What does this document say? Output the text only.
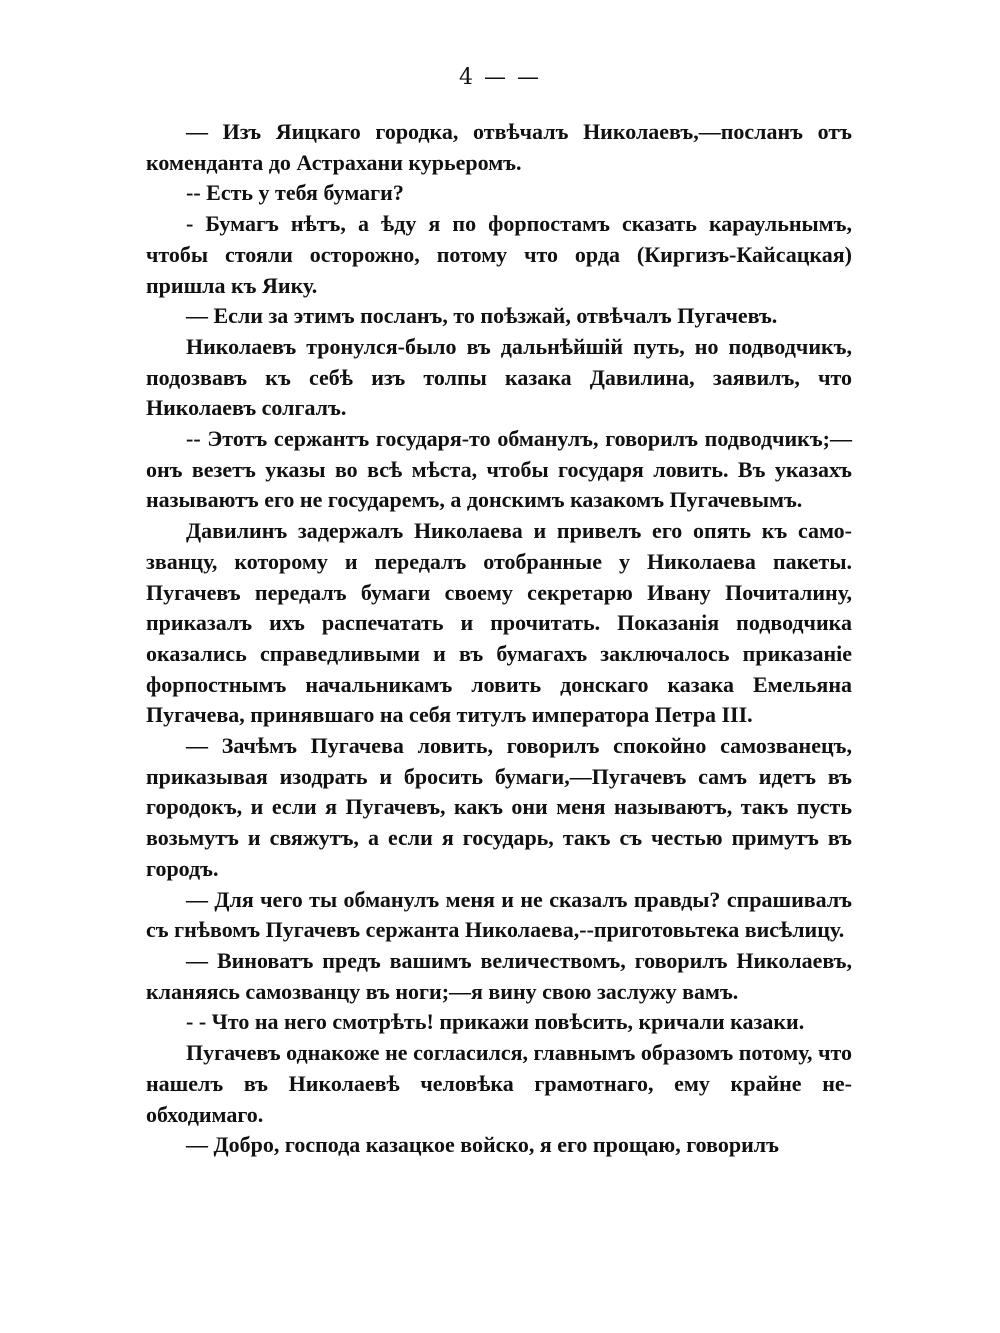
4 — —

— Изъ Яицкаго городка, отвѣчалъ Николаевъ,—посланъ отъ коменданта до Астрахани курьеромъ.

-- Есть у тебя бумаги?

- Бумагъ нѣтъ, а ѣду я по форпостамъ сказать караульнымъ, чтобы стояли осторожно, потому что орда (Киргизъ-Кайсацкая) пришла къ Яику.

— Если за этимъ посланъ, то поѣзжай, отвѣчалъ Пугачевъ.

Николаевъ тронулся-было въ дальнѣйшій путь, но подводчикъ, подозвавъ къ себѣ изъ толпы казака Давилина, заявилъ, что Николаевъ солгалъ.

-- Этотъ сержантъ государя-то обманулъ, говорилъ подводчикъ;—онъ везетъ указы во всѣ мѣста, чтобы государя ловить. Въ указахъ называютъ его не государемъ, а донскимъ казакомъ Пугачевымъ.

Давилинъ задержалъ Николаева и привелъ его опять къ самозванцу, которому и передалъ отобранные у Николаева пакеты. Пугачевъ передалъ бумаги своему секретарю Ивану Почиталину, приказалъ ихъ распечатать и прочитать. Показанія подводчика оказались справедливыми и въ бумагахъ заключалось приказаніе форпостнымъ начальникамъ ловить донскаго казака Емельяна Пугачева, принявшаго на себя титулъ императора Петра III.

— Зачѣмъ Пугачева ловить, говорилъ спокойно самозванецъ, приказывая изодрать и бросить бумаги,—Пугачевъ самъ идетъ въ городокъ, и если я Пугачевъ, какъ они меня называютъ, такъ пусть возьмутъ и свяжутъ, а если я государь, такъ съ честью примутъ въ городъ.

— Для чего ты обманулъ меня и не сказалъ правды? спрашивалъ съ гнѣвомъ Пугачевъ сержанта Николаева,--приготовьтека висѣлицу.

— Виноватъ предъ вашимъ величествомъ, говорилъ Николаевъ, кланяясь самозванцу въ ноги;—я вину свою заслужу вамъ.

- - Что на него смотрѣть! прикажи повѣсить, кричали казаки.

Пугачевъ однакоже не согласился, главнымъ образомъ потому, что нашелъ въ Николаевѣ человѣка грамотнаго, ему крайне необходимаго.

— Добро, господа казацкое войско, я его прощаю, говорилъ
